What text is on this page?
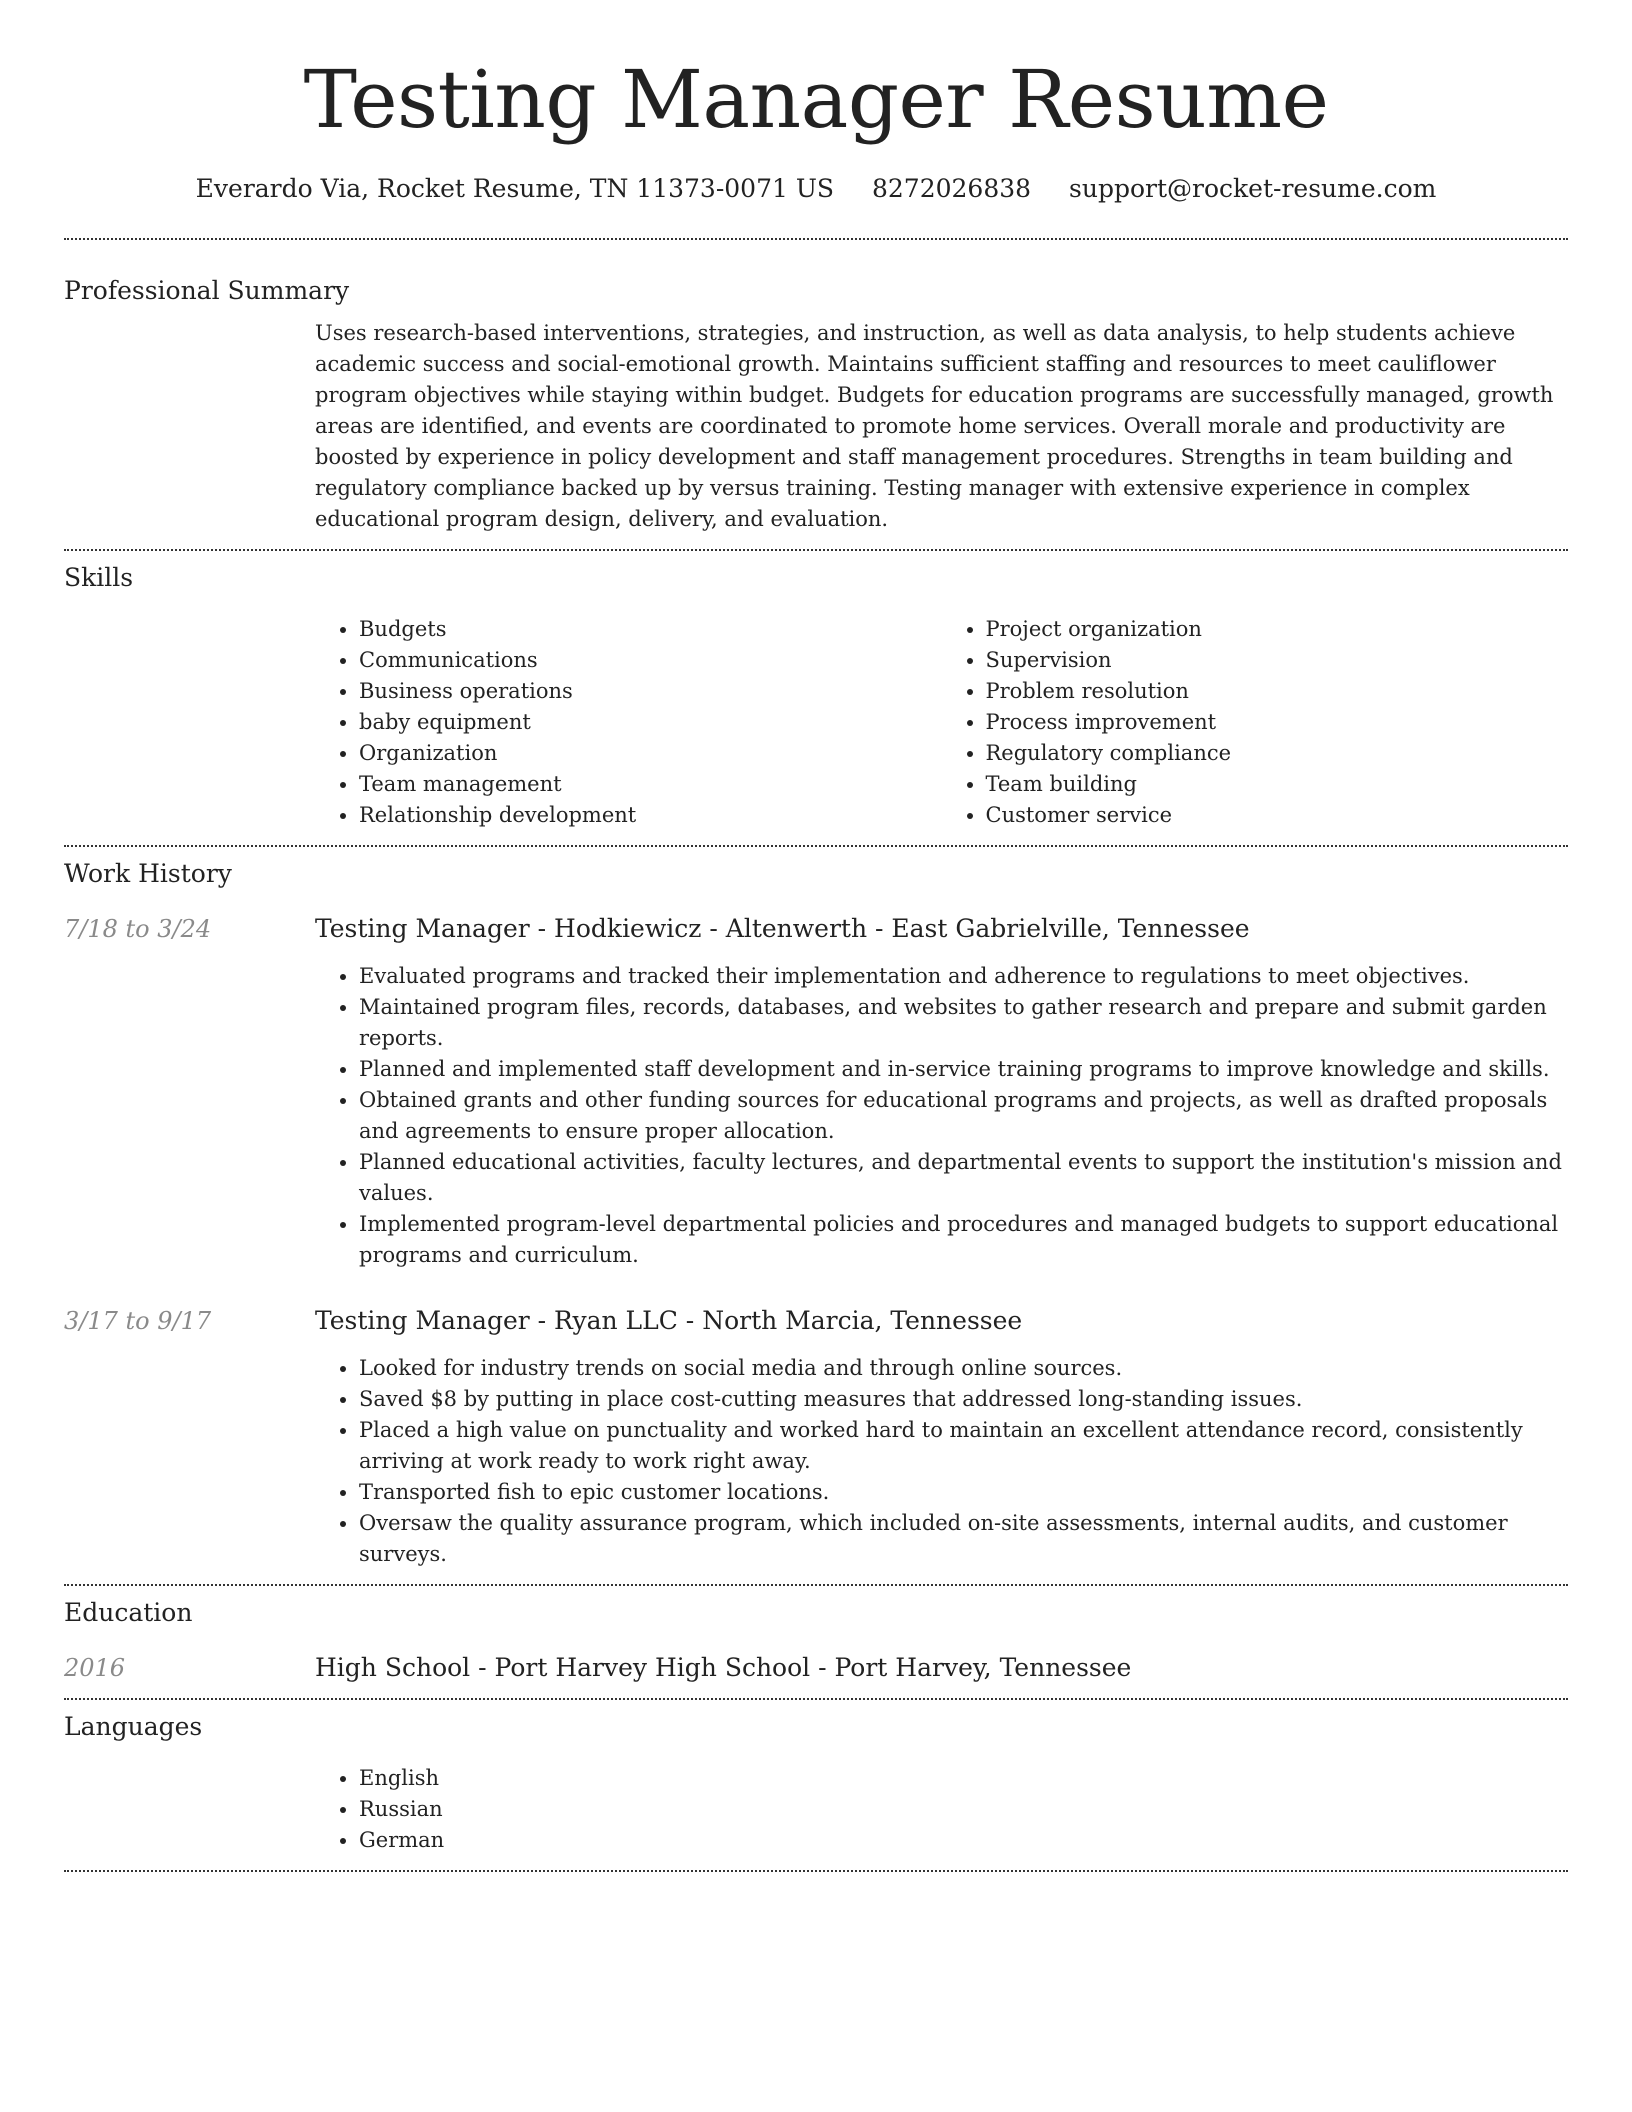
Testing Manager Resume
Everardo Via, Rocket Resume, TN 11373-0071 US 8272026838 support@rocket-resume.com
Professional Summary

Uses research-based interventions, strategies, and instruction, as well as data analysis, to help students achieve academic success and social-emotional growth. Maintains sufficient staffing and resources to meet cauliflower program objectives while staying within budget. Budgets for education programs are successfully managed, growth areas are identified, and events are coordinated to promote home services. Overall morale and productivity are boosted by experience in policy development and staff management procedures. Strengths in team building and regulatory compliance backed up by versus training. Testing manager with extensive experience in complex educational program design, delivery, and evaluation.

Skills
• Budgets
• Communications
• Business operations
• baby equipment
• Organization
• Team management
• Relationship development
• Project organization
• Supervision
• Problem resolution
• Process improvement
• Regulatory compliance
• Team building
• Customer service
Work History
7/18 to 3/24	Testing Manager - Hodkiewicz - Altenwerth - East Gabrielville, Tennessee
• Evaluated programs and tracked their implementation and adherence to regulations to meet objectives.
• Maintained program files, records, databases, and websites to gather research and prepare and submit garden reports.
• Planned and implemented staff development and in-service training programs to improve knowledge and skills.
• Obtained grants and other funding sources for educational programs and projects, as well as drafted proposals and agreements to ensure proper allocation.
• Planned educational activities, faculty lectures, and departmental events to support the institution's mission and values.
• Implemented program-level departmental policies and procedures and managed budgets to support educational programs and curriculum.
3/17 to 9/17	Testing Manager - Ryan LLC - North Marcia, Tennessee
• Looked for industry trends on social media and through online sources.
• Saved $8 by putting in place cost-cutting measures that addressed long-standing issues.
• Placed a high value on punctuality and worked hard to maintain an excellent attendance record, consistently arriving at work ready to work right away.
• Transported fish to epic customer locations.
• Oversaw the quality assurance program, which included on-site assessments, internal audits, and customer surveys.
Education
2016	High School - Port Harvey High School - Port Harvey, Tennessee
Languages
• English
• Russian
• German
